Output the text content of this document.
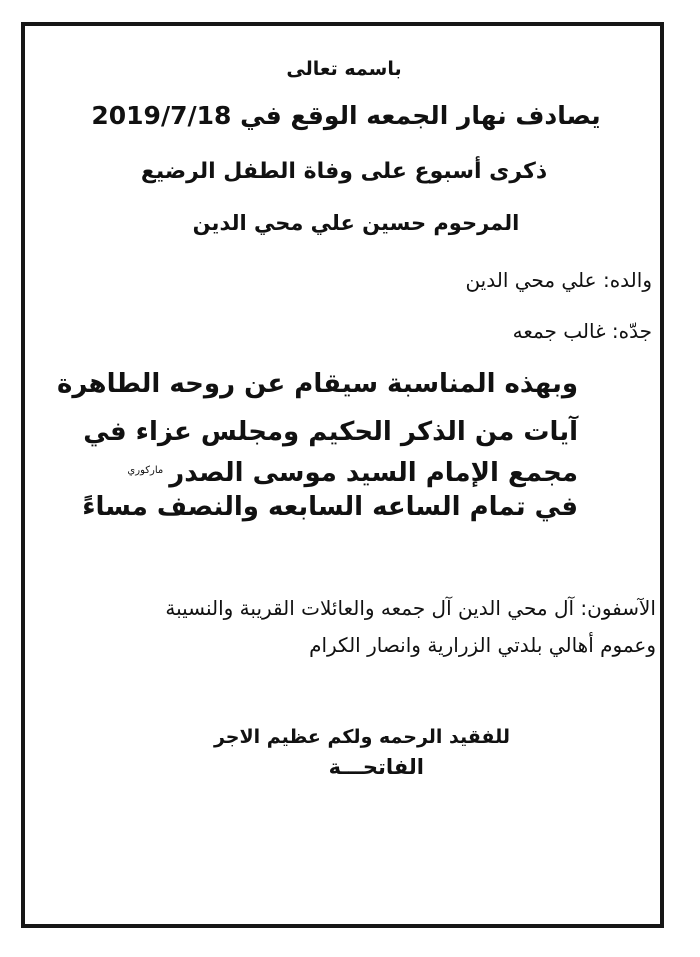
باسمه تعالى
يصادف نهار الجمعه الوقع في 2019/7/18
ذكرى أسبوع على وفاة الطفل الرضيع
المرحوم حسين علي محي الدين
والده: علي محي الدين
جدّه: غالب جمعه
وبهذه المناسبة سيقام عن روحه الطاهرة
آيات من الذكر الحكيم ومجلس عزاء في
مجمع الإمام السيد موسى الصدر$^{ماركوري}$
في تمام الساعه السابعه والنصف مساءً
الآسفون: آل محي الدين آل جمعه والعائلات القريبة والنسيبة
وعموم أهالي بلدتي الزرارية وانصار الكرام
للفقيد الرحمه ولكم عظيم الاجر
الفاتحـــة
